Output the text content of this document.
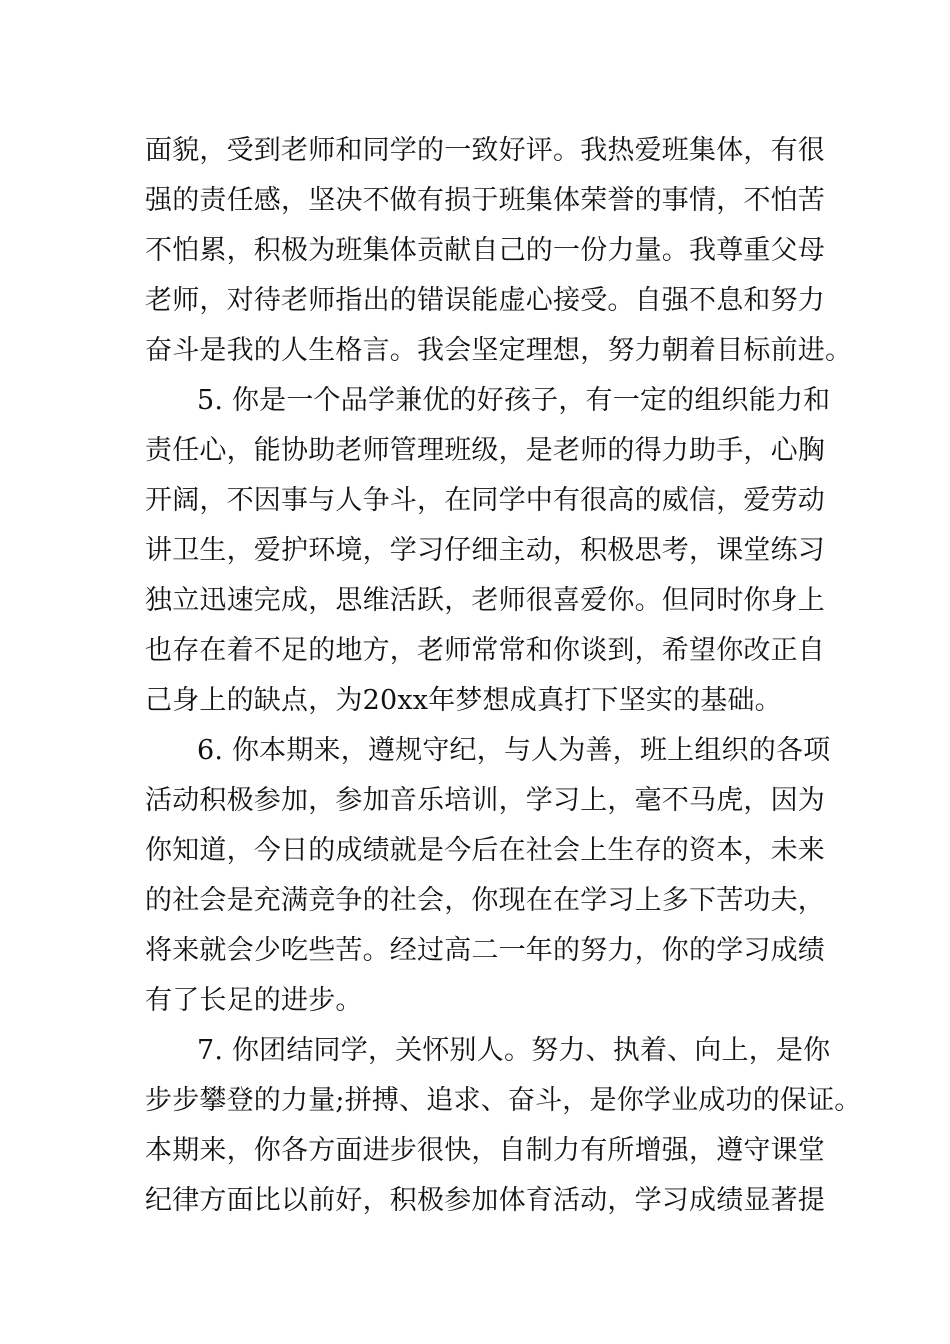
面貌，受到老师和同学的一致好评。我热爱班集体，有很
强的责任感，坚决不做有损于班集体荣誉的事情，不怕苦
不怕累，积极为班集体贡献自己的一份力量。我尊重父母
老师，对待老师指出的错误能虚心接受。自强不息和努力
奋斗是我的人生格言。我会坚定理想，努力朝着目标前进。
5. 你是一个品学兼优的好孩子，有一定的组织能力和
责任心，能协助老师管理班级，是老师的得力助手，心胸
开阔，不因事与人争斗，在同学中有很高的威信，爱劳动
讲卫生，爱护环境，学习仔细主动，积极思考，课堂练习
独立迅速完成，思维活跃，老师很喜爱你。但同时你身上
也存在着不足的地方，老师常常和你谈到，希望你改正自
己身上的缺点，为20xx年梦想成真打下坚实的基础。
6. 你本期来，遵规守纪，与人为善，班上组织的各项
活动积极参加，参加音乐培训，学习上，毫不马虎，因为
你知道，今日的成绩就是今后在社会上生存的资本，未来
的社会是充满竞争的社会，你现在在学习上多下苦功夫，
将来就会少吃些苦。经过高二一年的努力，你的学习成绩
有了长足的进步。
7. 你团结同学，关怀别人。努力、执着、向上，是你
步步攀登的力量;拼搏、追求、奋斗，是你学业成功的保证。
本期来，你各方面进步很快，自制力有所增强，遵守课堂
纪律方面比以前好，积极参加体育活动，学习成绩显著提
